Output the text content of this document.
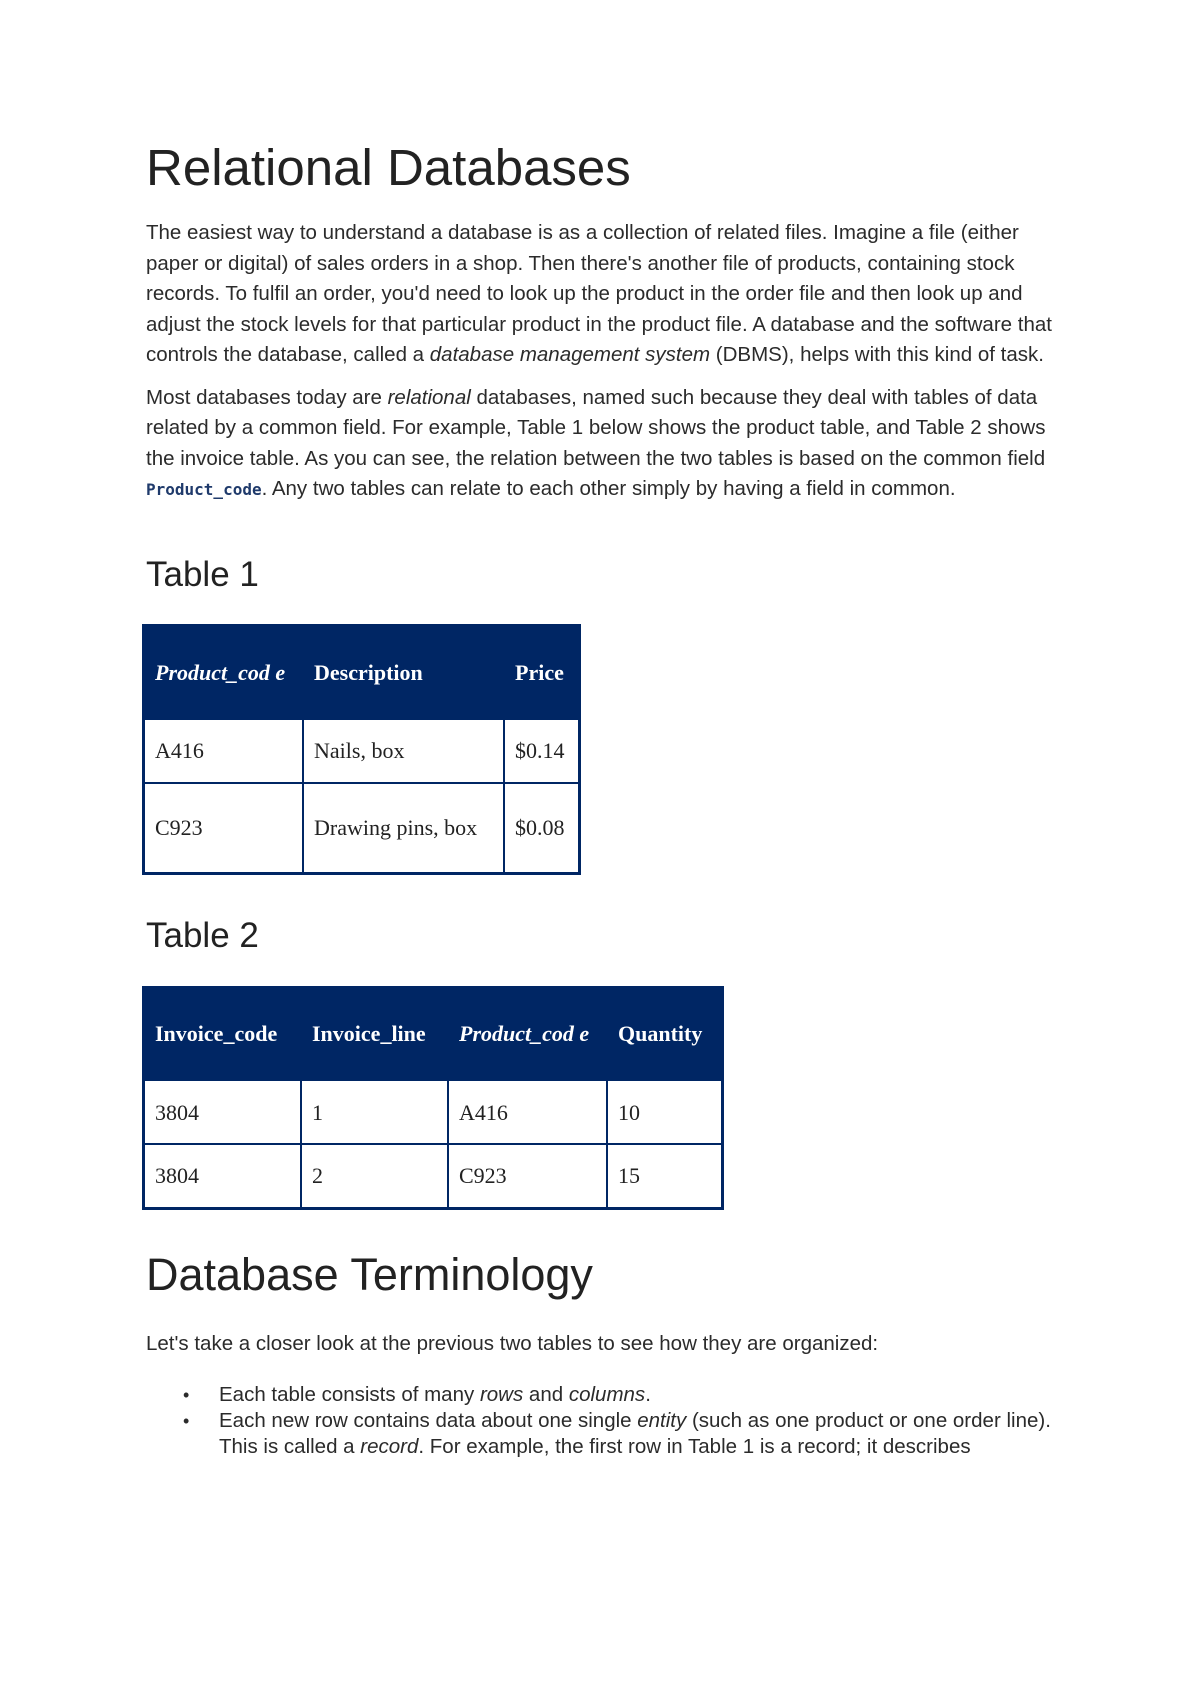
Relational Databases

The easiest way to understand a database is as a collection of related files. Imagine a file (either paper or digital) of sales orders in a shop. Then there's another file of products, containing stock records. To fulfil an order, you'd need to look up the product in the order file and then look up and adjust the stock levels for that particular product in the product file. A database and the software that controls the database, called a database management system (DBMS), helps with this kind of task.

Most databases today are relational databases, named such because they deal with tables of data related by a common field. For example, Table 1 below shows the product table, and Table 2 shows the invoice table. As you can see, the relation between the two tables is based on the common field Product_code. Any two tables can relate to each other simply by having a field in common.

Table 1
Product_cod e	Description	Price
A416	Nails, box	$0.14
C923	Drawing pins, box	$0.08
Table 2
Invoice_code	Invoice_line	Product_cod e	Quantity
3804	1	A416	10
3804	2	C923	15
Database Terminology

Let's take a closer look at the previous two tables to see how they are organized:

• Each table consists of many rows and columns.
• Each new row contains data about one single entity (such as one product or one order line). This is called a record. For example, the first row in Table 1 is a record; it describes
